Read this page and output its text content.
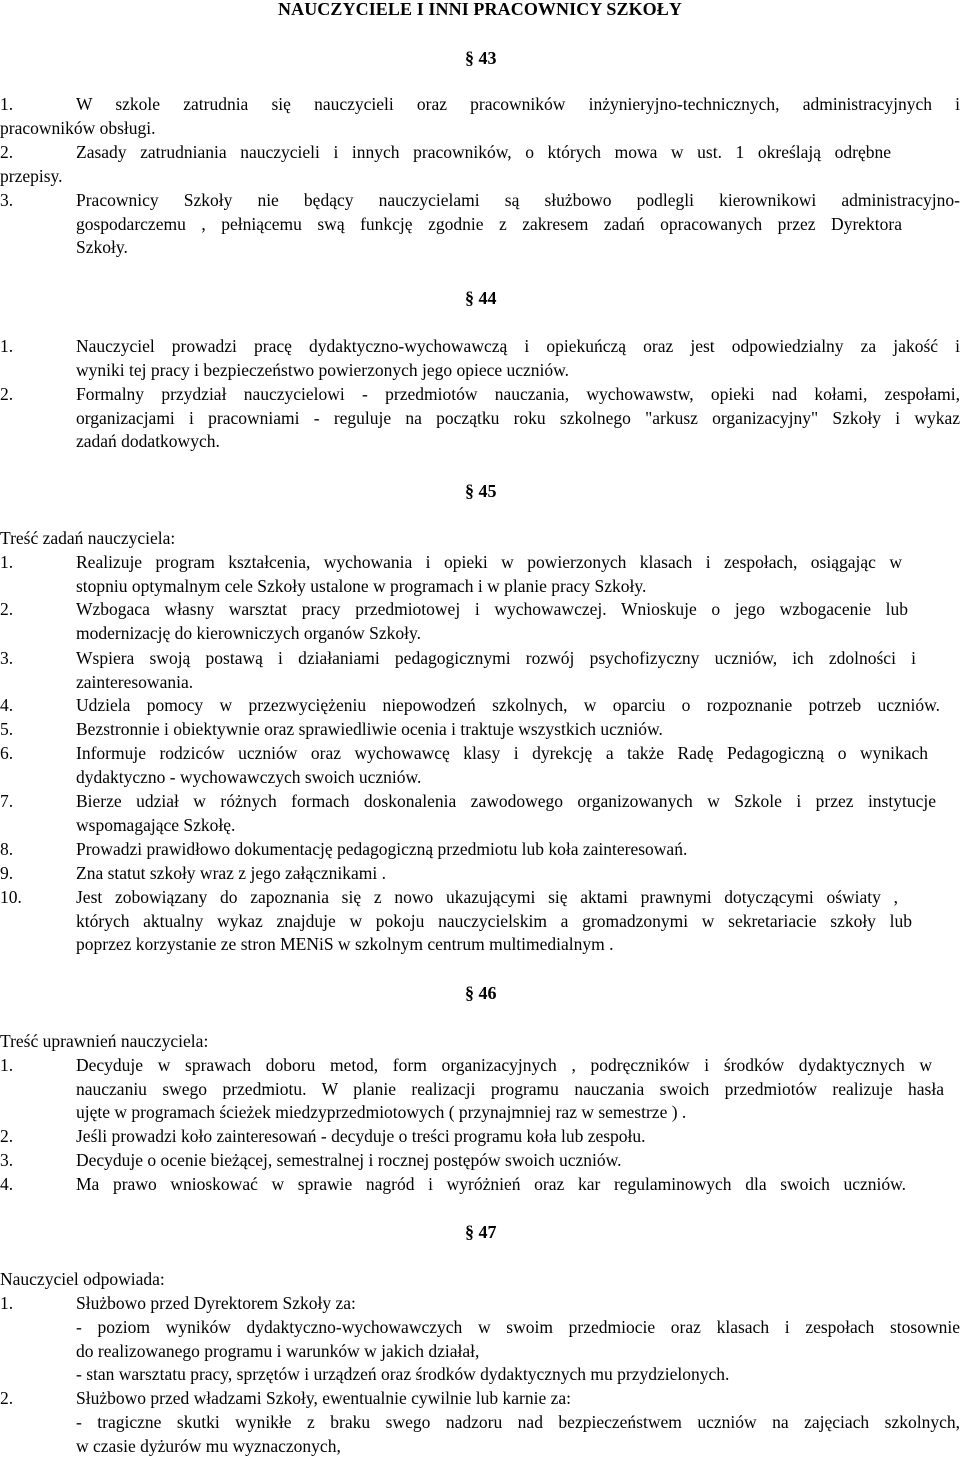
NAUCZYCIELE I INNI PRACOWNICY SZKOŁY
§ 43
1.	W szkole zatrudnia się nauczycieli oraz pracowników inżynieryjno-technicznych, administracyjnych i
pracowników obsługi.
2.	Zasady zatrudniania nauczycieli i innych pracowników, o których mowa w ust. 1 określają odrębne
przepisy.
3.	Pracownicy Szkoły nie będący nauczycielami są służbowo podlegli kierownikowi administracyjno-
gospodarczemu , pełniącemu swą funkcję zgodnie z zakresem zadań opracowanych przez Dyrektora
Szkoły.
§ 44
1.	Nauczyciel prowadzi pracę dydaktyczno-wychowawczą i opiekuńczą oraz jest odpowiedzialny za jakość i
wyniki tej pracy i bezpieczeństwo powierzonych jego opiece uczniów.
2.	Formalny przydział nauczycielowi - przedmiotów nauczania, wychowawstw, opieki nad kołami, zespołami,
organizacjami i pracowniami - reguluje na początku roku szkolnego "arkusz organizacyjny" Szkoły i wykaz
zadań dodatkowych.
§ 45
Treść zadań nauczyciela:
1.	Realizuje program kształcenia, wychowania i opieki w powierzonych klasach i zespołach, osiągając w
stopniu optymalnym cele Szkoły ustalone w programach i w planie pracy Szkoły.
2.	Wzbogaca własny warsztat pracy przedmiotowej i wychowawczej. Wnioskuje o jego wzbogacenie lub
modernizację do kierowniczych organów Szkoły.
3.	Wspiera swoją postawą i działaniami pedagogicznymi rozwój psychofizyczny uczniów, ich zdolności i
zainteresowania.
4.	Udziela pomocy w przezwyciężeniu niepowodzeń szkolnych, w oparciu o rozpoznanie potrzeb uczniów.
5.	Bezstronnie i obiektywnie oraz sprawiedliwie ocenia i traktuje wszystkich uczniów.
6.	Informuje rodziców uczniów oraz wychowawcę klasy i dyrekcję a także Radę Pedagogiczną o wynikach
dydaktyczno - wychowawczych swoich uczniów.
7.	Bierze udział w różnych formach doskonalenia zawodowego organizowanych w Szkole i przez instytucje
wspomagające Szkołę.
8.	Prowadzi prawidłowo dokumentację pedagogiczną przedmiotu lub koła zainteresowań.
9.	Zna statut szkoły wraz z jego załącznikami .
10.	Jest zobowiązany do zapoznania się z nowo ukazującymi się aktami prawnymi dotyczącymi oświaty ,
których aktualny wykaz znajduje w pokoju nauczycielskim a gromadzonymi w sekretariacie szkoły lub
poprzez korzystanie ze stron MENiS w szkolnym centrum multimedialnym .
§ 46
Treść uprawnień nauczyciela:
1.	Decyduje w sprawach doboru metod, form organizacyjnych , podręczników i środków dydaktycznych w
nauczaniu swego przedmiotu. W planie realizacji programu nauczania swoich przedmiotów realizuje hasła
ujęte w programach ścieżek miedzyprzedmiotowych ( przynajmniej raz w semestrze ) .
2.	Jeśli prowadzi koło zainteresowań - decyduje o treści programu koła lub zespołu.
3.	Decyduje o ocenie bieżącej, semestralnej i rocznej postępów swoich uczniów.
4.	Ma prawo wnioskować w sprawie nagród i wyróżnień oraz kar regulaminowych dla swoich uczniów.
§ 47
Nauczyciel odpowiada:
1.	Służbowo przed Dyrektorem Szkoły za:
- poziom wyników dydaktyczno-wychowawczych w swoim przedmiocie oraz klasach i zespołach stosownie
do realizowanego programu i warunków w jakich działał,
- stan warsztatu pracy, sprzętów i urządzeń oraz środków dydaktycznych mu przydzielonych.
2.	Służbowo przed władzami Szkoły, ewentualnie cywilnie lub karnie za:
- tragiczne skutki wynikłe z braku swego nadzoru nad bezpieczeństwem uczniów na zajęciach szkolnych,
w czasie dyżurów mu wyznaczonych,
